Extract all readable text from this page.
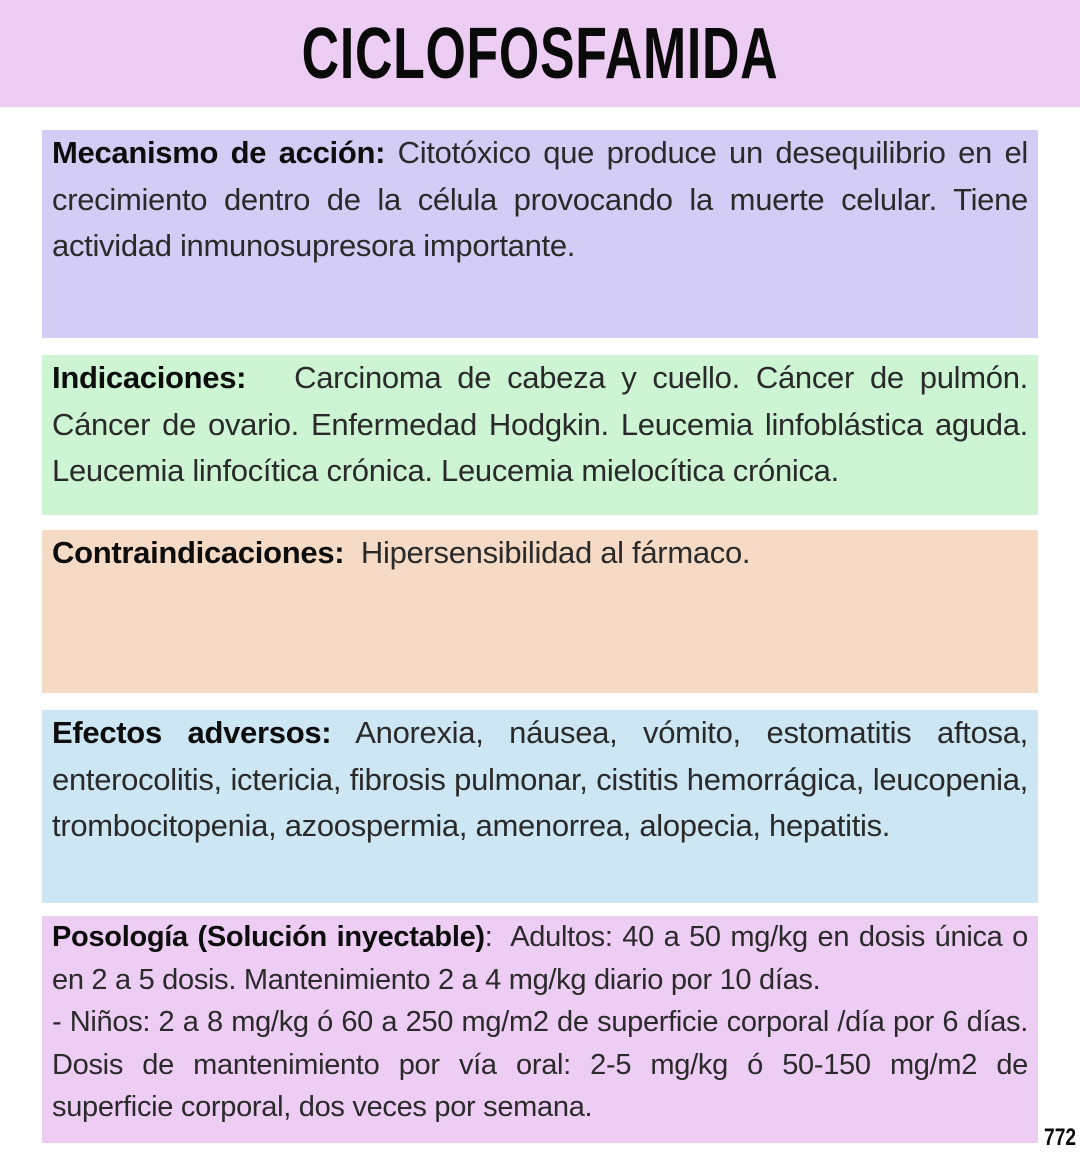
CICLOFOSFAMIDA

Mecanismo de acción: Citotóxico que produce un desequilibrio en el crecimiento dentro de la célula provocando la muerte celular. Tiene actividad inmunosupresora importante.

Indicaciones:   Carcinoma de cabeza y cuello. Cáncer de pulmón. Cáncer de ovario. Enfermedad Hodgkin. Leucemia linfoblástica aguda. Leucemia linfocítica crónica. Leucemia mielocítica crónica.

Contraindicaciones:  Hipersensibilidad al fármaco.

Efectos adversos: Anorexia, náusea, vómito, estomatitis aftosa, enterocolitis, ictericia, fibrosis pulmonar, cistitis hemorrágica, leucopenia, trombocitopenia, azoospermia, amenorrea, alopecia, hepatitis.

Posología (Solución inyectable):  Adultos: 40 a 50 mg/kg en dosis única o en 2 a 5 dosis. Mantenimiento 2 a 4 mg/kg diario por 10 días.

- Niños: 2 a 8 mg/kg ó 60 a 250 mg/m2 de superficie corporal /día por 6 días. Dosis de mantenimiento por vía oral: 2-5 mg/kg ó 50-150 mg/m2 de superficie corporal, dos veces por semana.

772
